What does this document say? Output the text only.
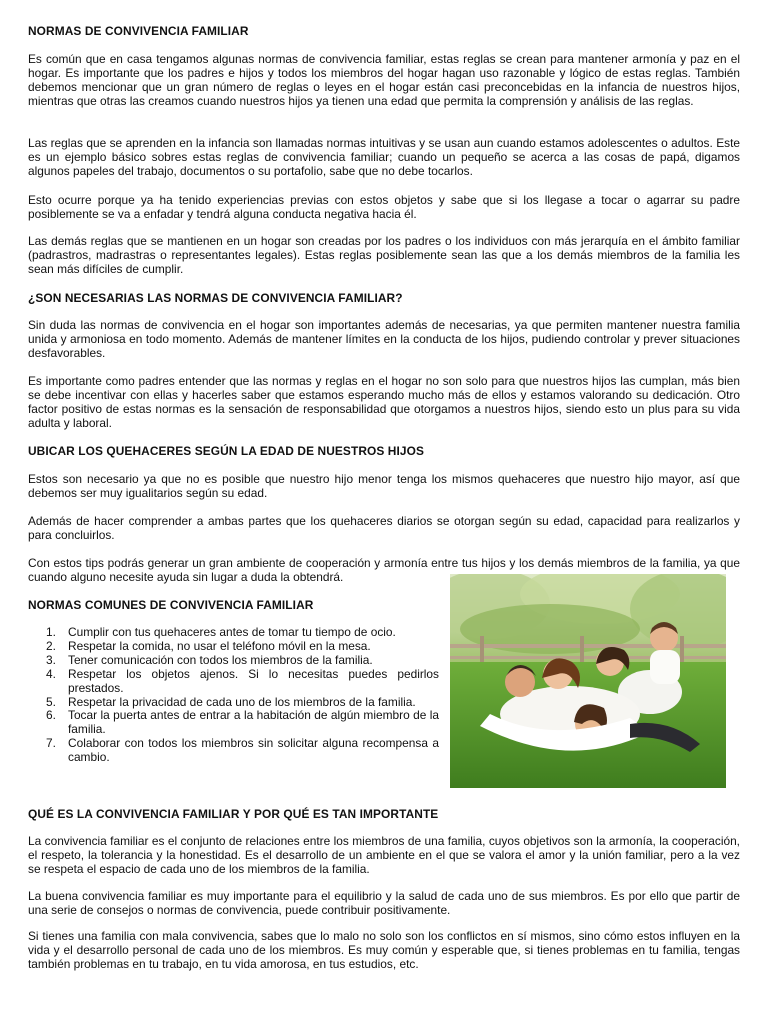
NORMAS DE CONVIVENCIA FAMILIAR

Es común que en casa tengamos algunas normas de convivencia familiar, estas reglas se crean para mantener armonía y paz en el hogar. Es importante que los padres e hijos y todos los miembros del hogar hagan uso razonable y lógico de estas reglas. También debemos mencionar que un gran número de reglas o leyes en el hogar están casi preconcebidas en la infancia de nuestros hijos, mientras que otras las creamos cuando nuestros hijos ya tienen una edad que permita la comprensión y análisis de las reglas.

Las reglas que se aprenden en la infancia son llamadas normas intuitivas y se usan aun cuando estamos adolescentes o adultos. Este es un ejemplo básico sobres estas reglas de convivencia familiar; cuando un pequeño se acerca a las cosas de papá, digamos algunos papeles del trabajo, documentos o su portafolio, sabe que no debe tocarlos.

Esto ocurre porque ya ha tenido experiencias previas con estos objetos y sabe que si los llegase a tocar o agarrar su padre posiblemente se va a enfadar y tendrá alguna conducta negativa hacia él.

Las demás reglas que se mantienen en un hogar son creadas por los padres o los individuos con más jerarquía en el ámbito familiar (padrastros, madrastras o representantes legales). Estas reglas posiblemente sean las que a los demás miembros de la familia les sean más difíciles de cumplir.

¿SON NECESARIAS LAS NORMAS DE CONVIVENCIA FAMILIAR?

Sin duda las normas de convivencia en el hogar son importantes además de necesarias, ya que permiten mantener nuestra familia unida y armoniosa en todo momento. Además de mantener límites en la conducta de los hijos, pudiendo controlar y prever situaciones desfavorables.

Es importante como padres entender que las normas y reglas en el hogar no son solo para que nuestros hijos las cumplan, más bien se debe incentivar con ellas y hacerles saber que estamos esperando mucho más de ellos y estamos valorando su dedicación. Otro factor positivo de estas normas es la sensación de responsabilidad que otorgamos a nuestros hijos, siendo esto un plus para su vida adulta y laboral.

UBICAR LOS QUEHACERES SEGÚN LA EDAD DE NUESTROS HIJOS

Estos son necesario ya que no es posible que nuestro hijo menor tenga los mismos quehaceres que nuestro hijo mayor, así que debemos ser muy igualitarios según su edad.

Además de hacer comprender a ambas partes que los quehaceres diarios se otorgan según su edad, capacidad para realizarlos y para concluirlos.

Con estos tips podrás generar un gran ambiente de cooperación y armonía entre tus hijos y los demás miembros de la familia, ya que cuando alguno necesite ayuda sin lugar a duda la obtendrá.

NORMAS COMUNES DE CONVIVENCIA FAMILIAR

1. Cumplir con tus quehaceres antes de tomar tu tiempo de ocio.
2. Respetar la comida, no usar el teléfono móvil en la mesa.
3. Tener comunicación con todos los miembros de la familia.
4. Respetar los objetos ajenos. Si lo necesitas puedes pedirlos prestados.
5. Respetar la privacidad de cada uno de los miembros de la familia.
6. Tocar la puerta antes de entrar a la habitación de algún miembro de la familia.
7. Colaborar con todos los miembros sin solicitar alguna recompensa a cambio.

QUÉ ES LA CONVIVENCIA FAMILIAR Y POR QUÉ ES TAN IMPORTANTE

La convivencia familiar es el conjunto de relaciones entre los miembros de una familia, cuyos objetivos son la armonía, la cooperación, el respeto, la tolerancia y la honestidad. Es el desarrollo de un ambiente en el que se valora el amor y la unión familiar, pero a la vez se respeta el espacio de cada uno de los miembros de la familia.

La buena convivencia familiar es muy importante para el equilibrio y la salud de cada uno de sus miembros. Es por ello que partir de una serie de consejos o normas de convivencia, puede contribuir positivamente.

Si tienes una familia con mala convivencia, sabes que lo malo no solo son los conflictos en sí mismos, sino cómo estos influyen en la vida y el desarrollo personal de cada uno de los miembros. Es muy común y esperable que, si tienes problemas en tu familia, tengas también problemas en tu trabajo, en tu vida amorosa, en tus estudios, etc.
